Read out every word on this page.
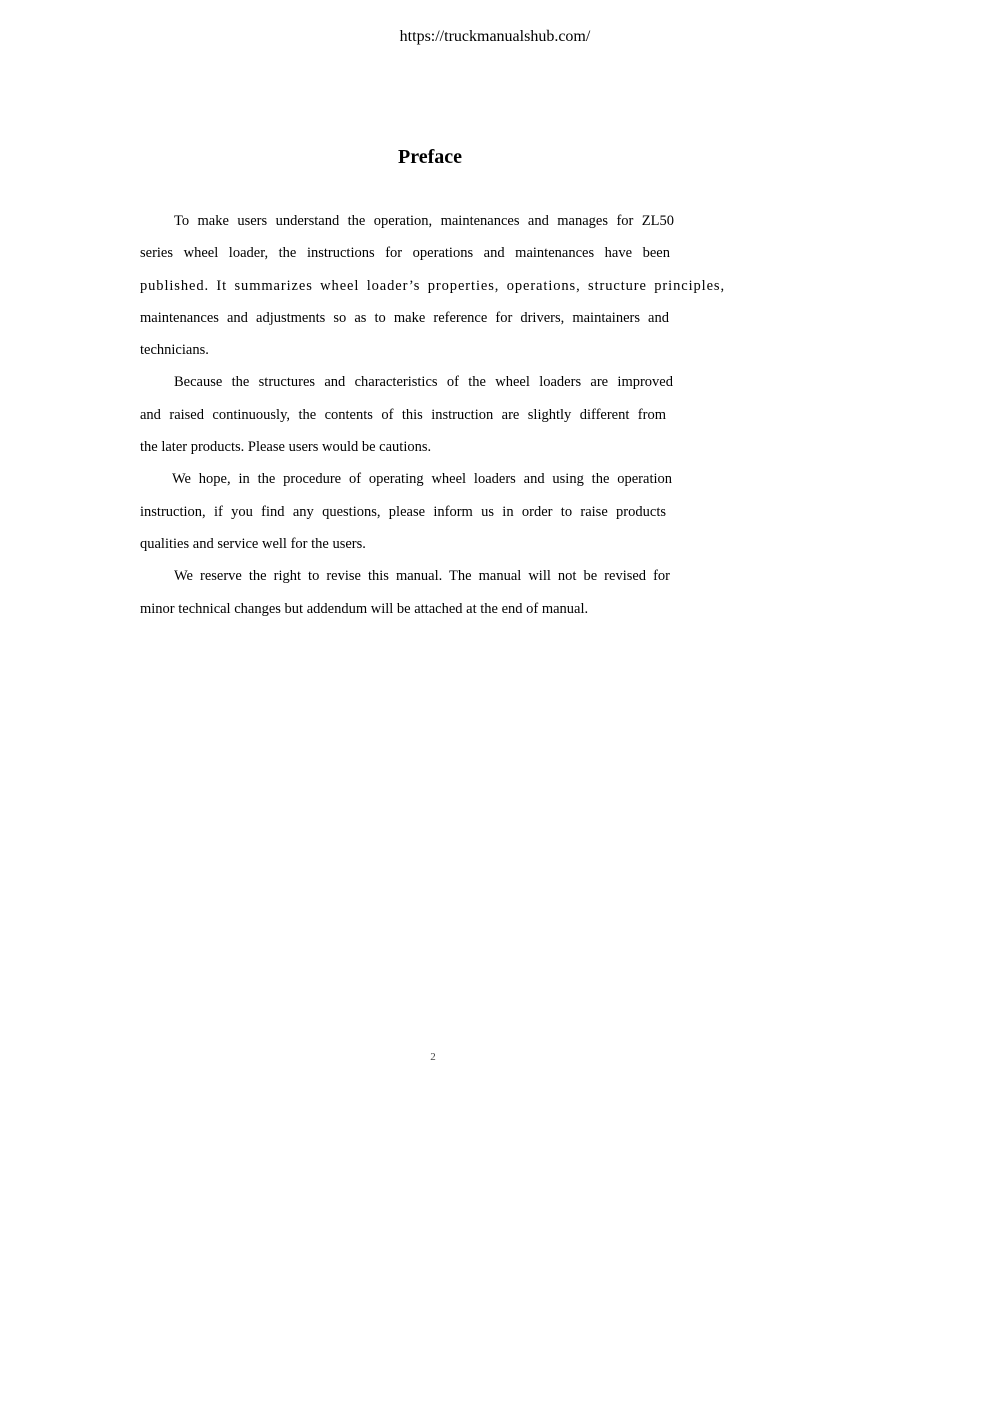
https://truckmanualshub.com/
Preface
To make users understand the operation, maintenances and manages for ZL50
series wheel loader, the instructions for operations and maintenances have been
published. It summarizes wheel loader’s properties, operations, structure principles,
maintenances and adjustments so as to make reference for drivers, maintainers and
technicians.
Because the structures and characteristics of the wheel loaders are improved
and raised continuously, the contents of this instruction are slightly different from
the later products. Please users would be cautions.
We hope, in the procedure of operating wheel loaders and using the operation
instruction, if you find any questions, please inform us in order to raise products
qualities and service well for the users.
We reserve the right to revise this manual. The manual will not be revised for
minor technical changes but addendum will be attached at the end of manual.
2
